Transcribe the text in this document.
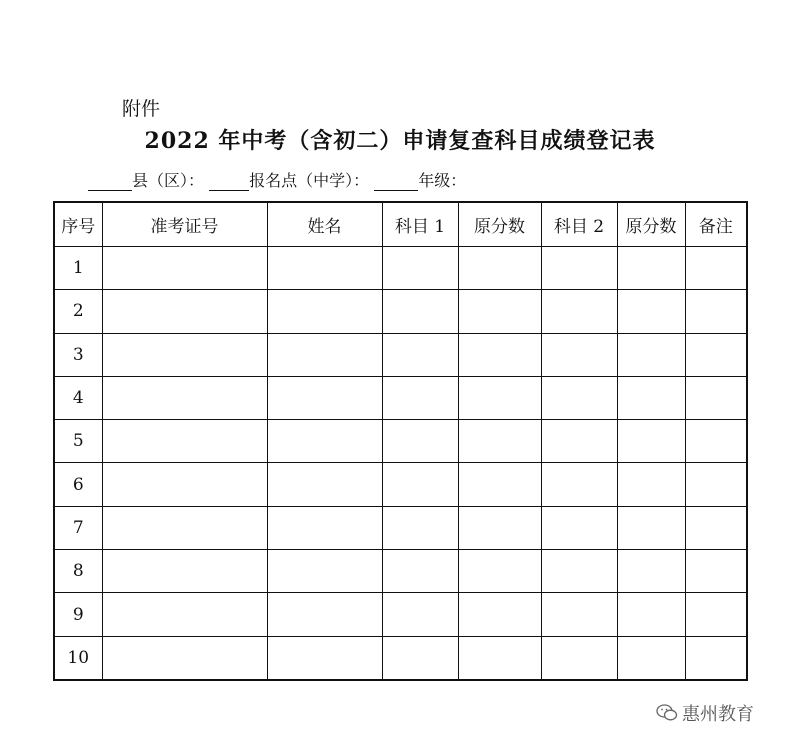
附件
2022 年中考（含初二）申请复查科目成绩登记表
县（区）：	报名点（中学）：	年级：
序号	准考证号	姓名	科目 1	原分数	科目 2	原分数	备注
1							
2							
3							
4							
5							
6							
7							
8							
9							
10							
惠州教育
